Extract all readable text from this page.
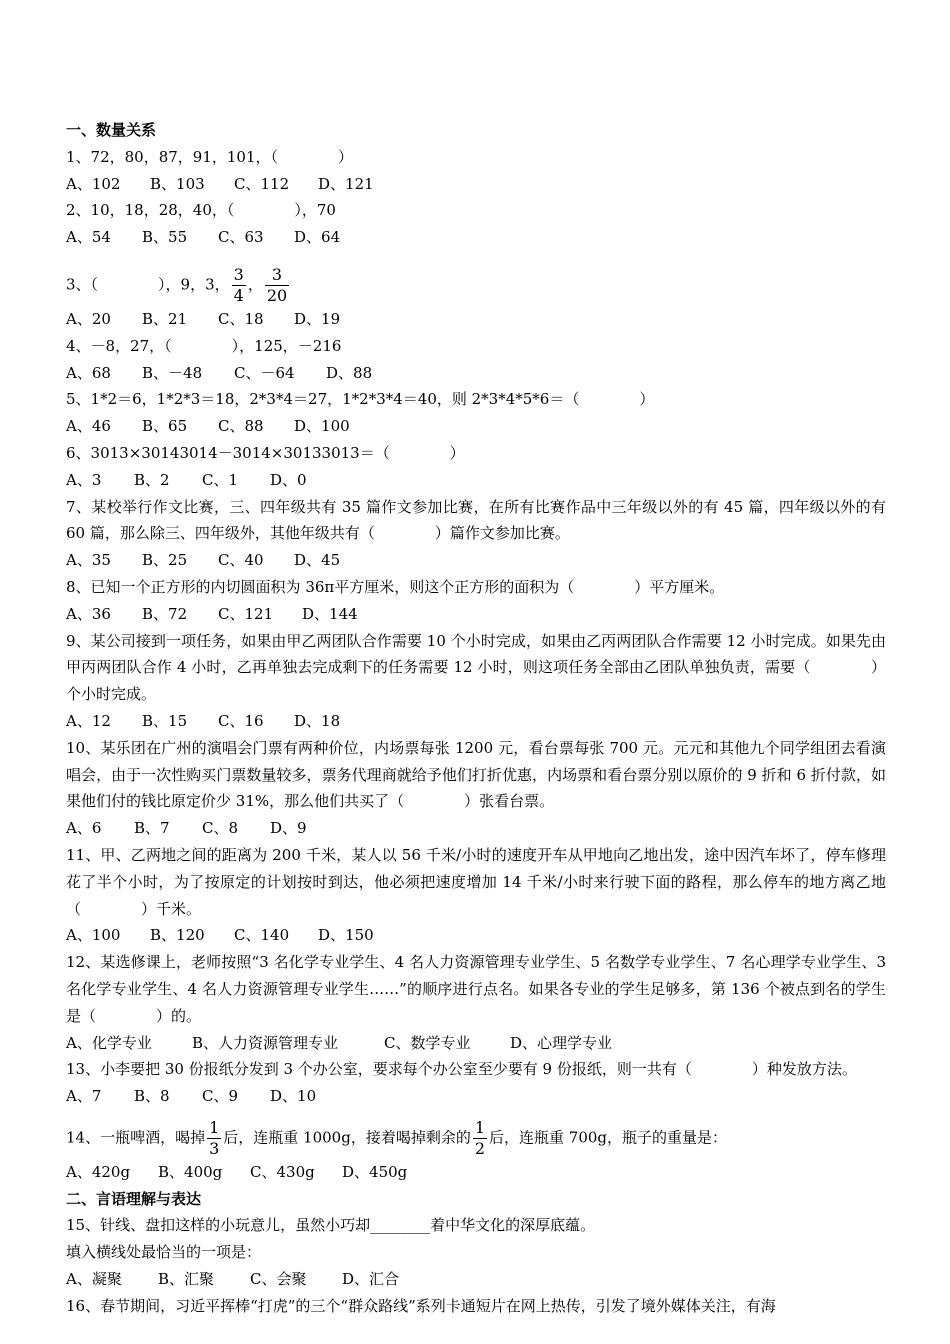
一、数量关系

1、72，80，87，91，101，（　　　　）

A、102 B、103 C、112 D、121

2、10，18，28，40，（　　　　），70

A、54 B、55 C、63 D、64

3、（　　　　），9，3， $\frac{3}{4}$ ， $\frac{3}{20}$

A、20 B、21 C、18 D、19

4、－8，27，（　　　　），125，－216

A、68 B、－48 C、－64 D、88

5、1*2＝6，1*2*3＝18，2*3*4＝27，1*2*3*4＝40，则 2*3*4*5*6＝（　　　　）

A、46 B、65 C、88 D、100

6、3013×30143014－3014×30133013＝（　　　　）

A、3 B、2 C、1 D、0

7、某校举行作文比赛，三、四年级共有 35 篇作文参加比赛，在所有比赛作品中三年级以外的有 45 篇，四年级以外的有 60 篇，那么除三、四年级外，其他年级共有（　　　　）篇作文参加比赛。

A、35 B、25 C、40 D、45

8、已知一个正方形的内切圆面积为 36π平方厘米，则这个正方形的面积为（　　　　）平方厘米。

A、36 B、72 C、121 D、144

9、某公司接到一项任务，如果由甲乙两团队合作需要 10 个小时完成，如果由乙丙两团队合作需要 12 小时完成。如果先由甲丙两团队合作 4 小时，乙再单独去完成剩下的任务需要 12 小时，则这项任务全部由乙团队单独负责，需要（　　　　）个小时完成。

A、12 B、15 C、16 D、18

10、某乐团在广州的演唱会门票有两种价位，内场票每张 1200 元，看台票每张 700 元。元元和其他九个同学组团去看演唱会，由于一次性购买门票数量较多，票务代理商就给予他们打折优惠，内场票和看台票分别以原价的 9 折和 6 折付款，如果他们付的钱比原定价少 31%，那么他们共买了（　　　　）张看台票。

A、6 B、7 C、8 D、9

11、甲、乙两地之间的距离为 200 千米，某人以 56 千米/小时的速度开车从甲地向乙地出发，途中因汽车坏了，停车修理花了半个小时，为了按原定的计划按时到达，他必须把速度增加 14 千米/小时来行驶下面的路程，那么停车的地方离乙地（　　　　）千米。

A、100 B、120 C、140 D、150

12、某选修课上，老师按照“3 名化学专业学生、4 名人力资源管理专业学生、5 名数学专业学生、7 名心理学专业学生、3 名化学专业学生、4 名人力资源管理专业学生……”的顺序进行点名。如果各专业的学生足够多，第 136 个被点到名的学生是（　　　　）的。

A、化学专业	B、人力资源管理专业	C、数学专业	D、心理学专业

13、小李要把 30 份报纸分发到 3 个办公室，要求每个办公室至少要有 9 份报纸，则一共有（　　　　）种发放方法。

A、7 B、8 C、9 D、10

14、一瓶啤酒，喝掉 $\frac{1}{3}$ 后，连瓶重 1000g，接着喝掉剩余的 $\frac{1}{2}$ 后，连瓶重 700g，瓶子的重量是：

A、420g B、400g C、430g D、450g

二、言语理解与表达

15、针线、盘扣这样的小玩意儿，虽然小巧却________着中华文化的深厚底蕴。

填入横线处最恰当的一项是：

A、凝聚 B、汇聚 C、会聚 D、汇合

16、春节期间，习近平挥棒“打虎”的三个“群众路线”系列卡通短片在网上热传，引发了境外媒体关注，有海
